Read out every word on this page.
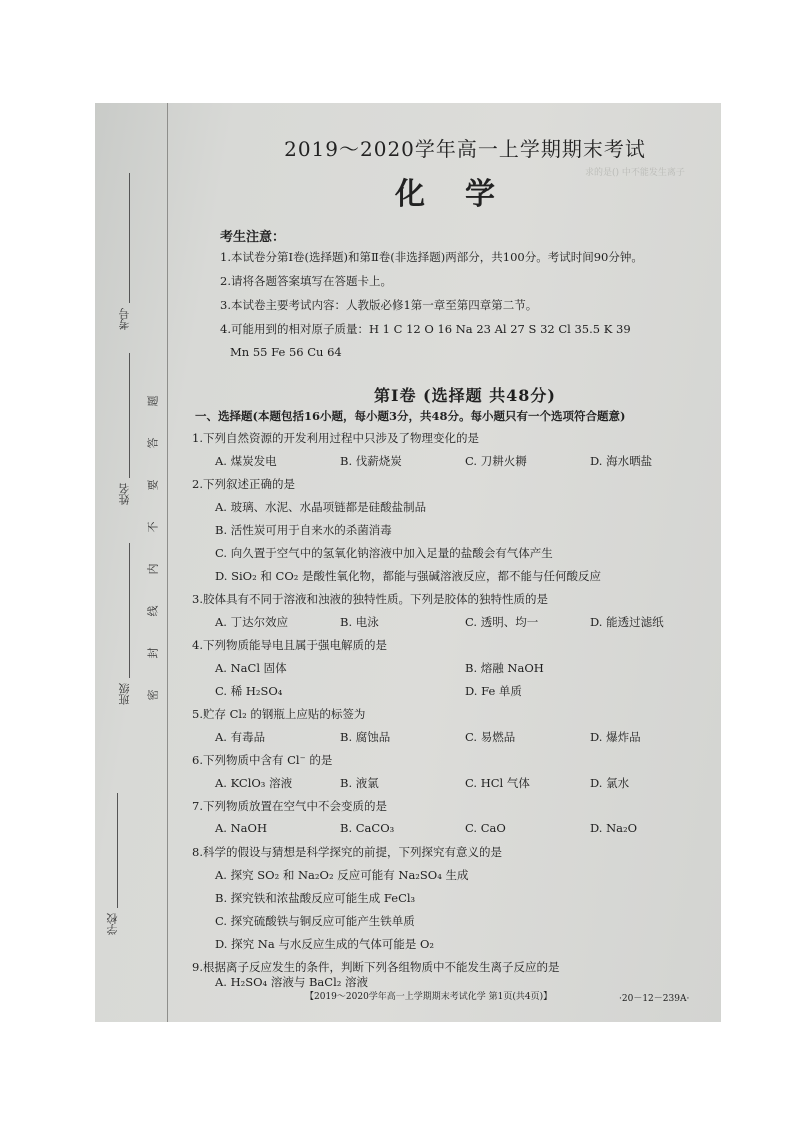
考号
姓名
班级
学校
题
答
要
不
内
线
封
密
2019～2020学年高一上学期期末考试
化学
求的是() 中不能发生离子
考生注意：
1.本试卷分第Ⅰ卷(选择题)和第Ⅱ卷(非选择题)两部分，共100分。考试时间90分钟。
2.请将各题答案填写在答题卡上。
3.本试卷主要考试内容：人教版必修1第一章至第四章第二节。
4.可能用到的相对原子质量：H 1 C 12 O 16 Na 23 Al 27 S 32 Cl 35.5 K 39
Mn 55 Fe 56 Cu 64
第Ⅰ卷 (选择题 共48分)
一、选择题(本题包括16小题，每小题3分，共48分。每小题只有一个选项符合题意)
1.下列自然资源的开发利用过程中只涉及了物理变化的是
A. 煤炭发电	B. 伐薪烧炭	C. 刀耕火耨	D. 海水晒盐
2.下列叙述正确的是
A. 玻璃、水泥、水晶项链都是硅酸盐制品
B. 活性炭可用于自来水的杀菌消毒
C. 向久置于空气中的氢氧化钠溶液中加入足量的盐酸会有气体产生
D. SiO₂ 和 CO₂ 是酸性氧化物，都能与强碱溶液反应，都不能与任何酸反应
3.胶体具有不同于溶液和浊液的独特性质。下列是胶体的独特性质的是
A. 丁达尔效应	B. 电泳	C. 透明、均一	D. 能透过滤纸
4.下列物质能导电且属于强电解质的是
A. NaCl 固体	B. 熔融 NaOH
C. 稀 H₂SO₄	D. Fe 单质
5.贮存 Cl₂ 的钢瓶上应贴的标签为
A. 有毒品	B. 腐蚀品	C. 易燃品	D. 爆炸品
6.下列物质中含有 Cl⁻ 的是
A. KClO₃ 溶液	B. 液氯	C. HCl 气体	D. 氯水
7.下列物质放置在空气中不会变质的是
A. NaOH	B. CaCO₃	C. CaO	D. Na₂O
8.科学的假设与猜想是科学探究的前提，下列探究有意义的是
A. 探究 SO₂ 和 Na₂O₂ 反应可能有 Na₂SO₄ 生成
B. 探究铁和浓盐酸反应可能生成 FeCl₃
C. 探究硫酸铁与铜反应可能产生铁单质
D. 探究 Na 与水反应生成的气体可能是 O₂
9.根据离子反应发生的条件，判断下列各组物质中不能发生离子反应的是
【2019～2020学年高一上学期期末考试化学 第1页(共4页)】	·20－12－239A·
A. H₂SO₄ 溶液与 BaCl₂ 溶液
